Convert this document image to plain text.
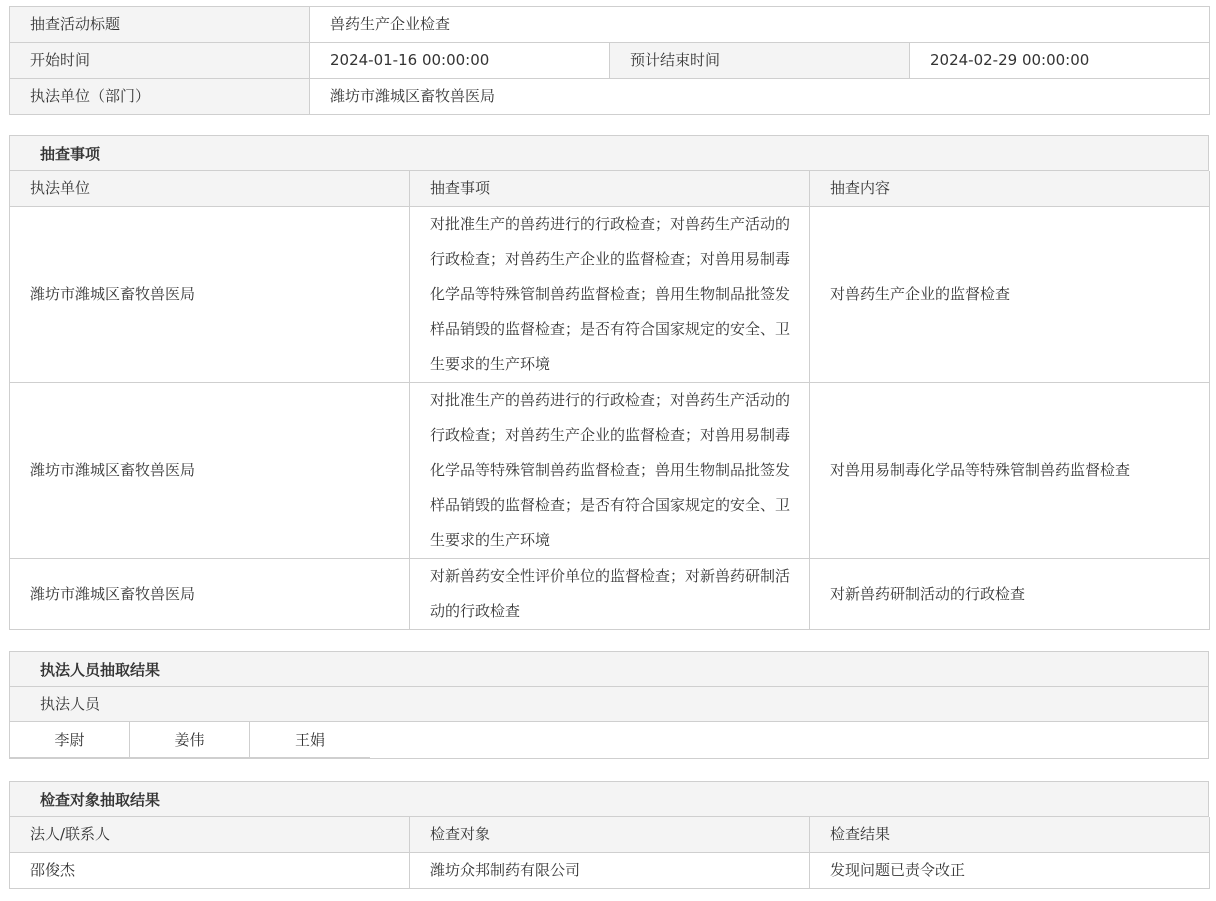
抽查活动标题	兽药生产企业检查		
开始时间	2024-01-16 00:00:00	预计结束时间	2024-02-29 00:00:00
执法单位（部门）	潍坊市潍城区畜牧兽医局		
抽查事项
执法单位	抽查事项	抽查内容
潍坊市潍城区畜牧兽医局	对批准生产的兽药进行的行政检查；对兽药生产活动的行政检查；对兽药生产企业的监督检查；对兽用易制毒化学品等特殊管制兽药监督检查；兽用生物制品批签发样品销毁的监督检查；是否有符合国家规定的安全、卫生要求的生产环境	对兽药生产企业的监督检查
潍坊市潍城区畜牧兽医局	对批准生产的兽药进行的行政检查；对兽药生产活动的行政检查；对兽药生产企业的监督检查；对兽用易制毒化学品等特殊管制兽药监督检查；兽用生物制品批签发样品销毁的监督检查；是否有符合国家规定的安全、卫生要求的生产环境	对兽用易制毒化学品等特殊管制兽药监督检查
潍坊市潍城区畜牧兽医局	对新兽药安全性评价单位的监督检查；对新兽药研制活动的行政检查	对新兽药研制活动的行政检查
执法人员抽取结果
执法人员
李尉	姜伟	王娟
检查对象抽取结果
法人/联系人	检查对象	检查结果
邵俊杰	潍坊众邦制药有限公司	发现问题已责令改正
